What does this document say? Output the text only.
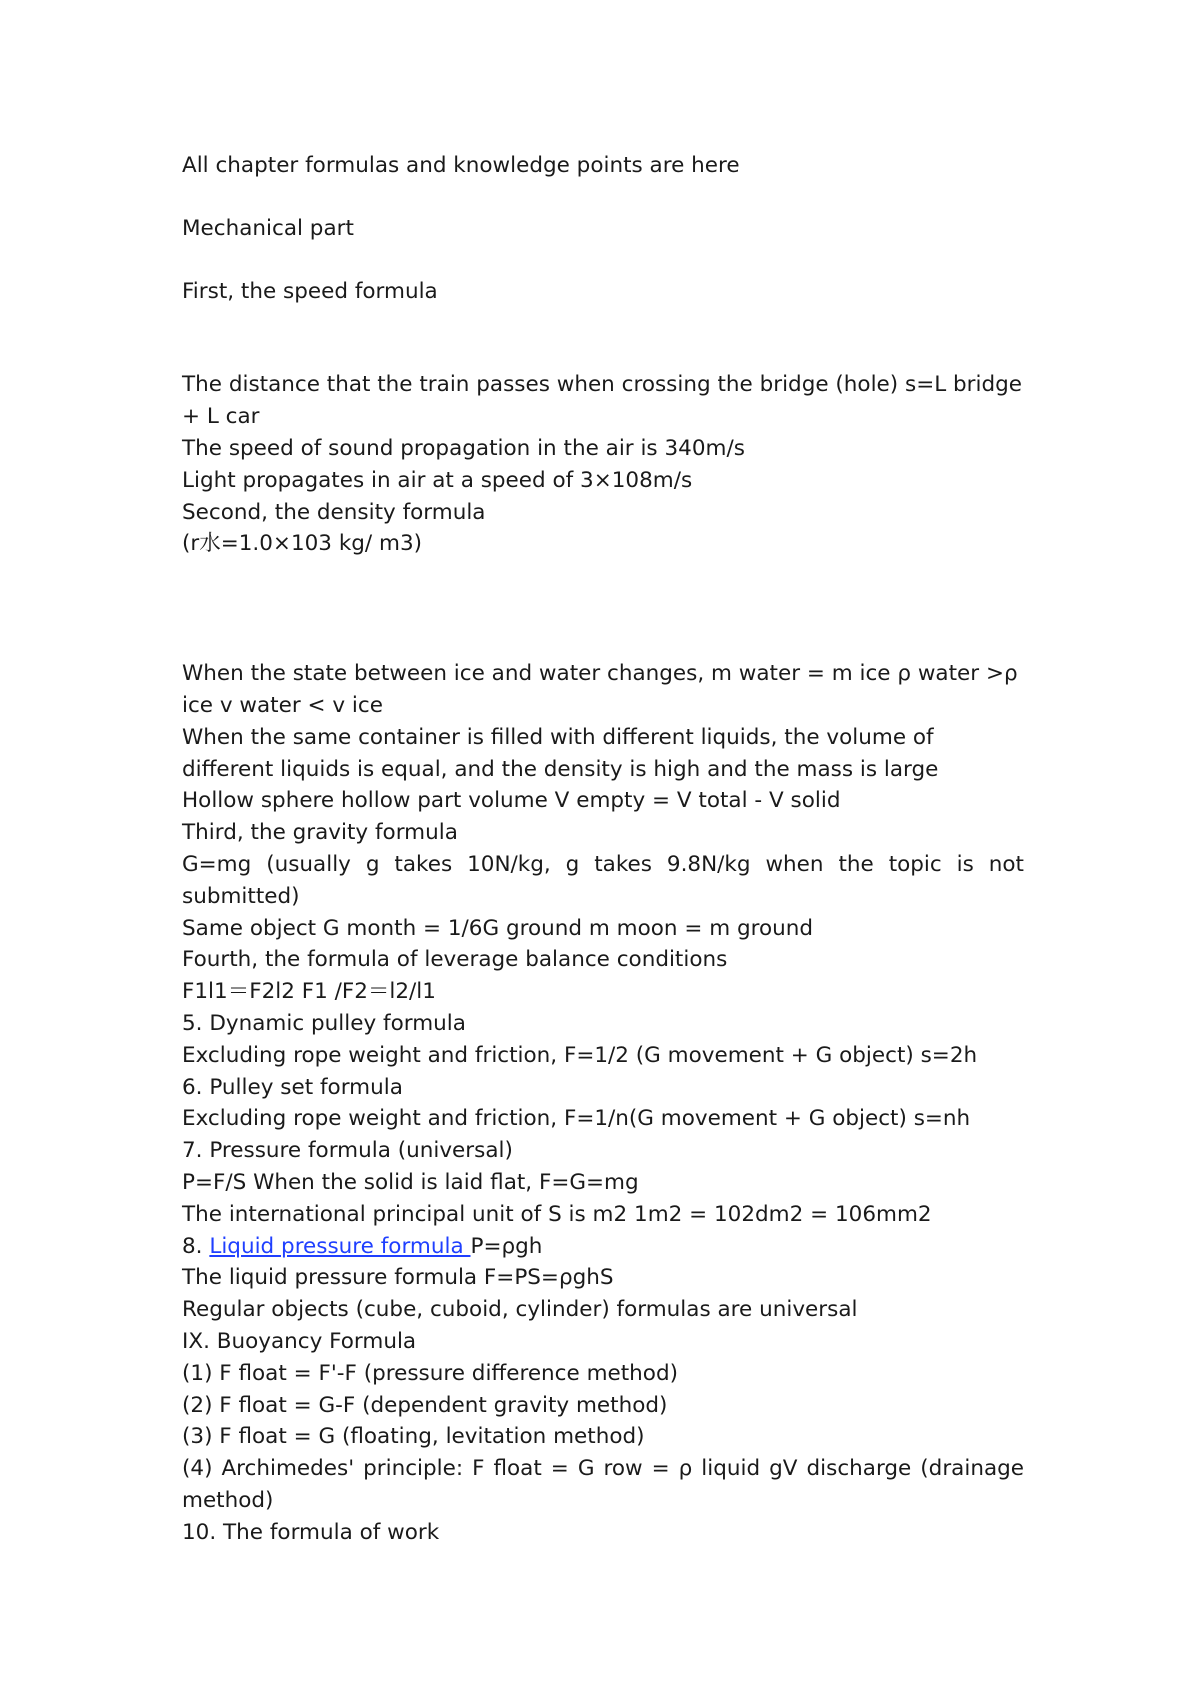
All chapter formulas and knowledge points are here

Mechanical part

First, the speed formula

The distance that the train passes when crossing the bridge (hole) s=L bridge + L car

The speed of sound propagation in the air is 340m/s

Light propagates in air at a speed of 3×108m/s

Second, the density formula

(r水=1.0×103 kg/ m3)

When the state between ice and water changes, m water = m ice ρ water >ρ ice v water < v ice

When the same container is filled with different liquids, the volume of different liquids is equal, and the density is high and the mass is large

Hollow sphere hollow part volume V empty = V total - V solid

Third, the gravity formula

G=mg (usually g takes 10N/kg, g takes 9.8N/kg when the topic is not submitted)

Same object G month = 1/6G ground m moon = m ground

Fourth, the formula of leverage balance conditions

F1l1＝F2l2 F1 /F2＝l2/l1

5. Dynamic pulley formula

Excluding rope weight and friction, F=1/2 (G movement + G object) s=2h

6. Pulley set formula

Excluding rope weight and friction, F=1/n(G movement + G object) s=nh

7. Pressure formula (universal)

P=F/S When the solid is laid flat, F=G=mg

The international principal unit of S is m2 1m2 = 102dm2 = 106mm2

8. Liquid pressure formula P=ρgh

The liquid pressure formula F=PS=ρghS

Regular objects (cube, cuboid, cylinder) formulas are universal

IX. Buoyancy Formula

(1) F float = F'-F (pressure difference method)

(2) F float = G-F (dependent gravity method)

(3) F float = G (floating, levitation method)

(4) Archimedes' principle: F float = G row = ρ liquid gV discharge (drainage method)

10. The formula of work
